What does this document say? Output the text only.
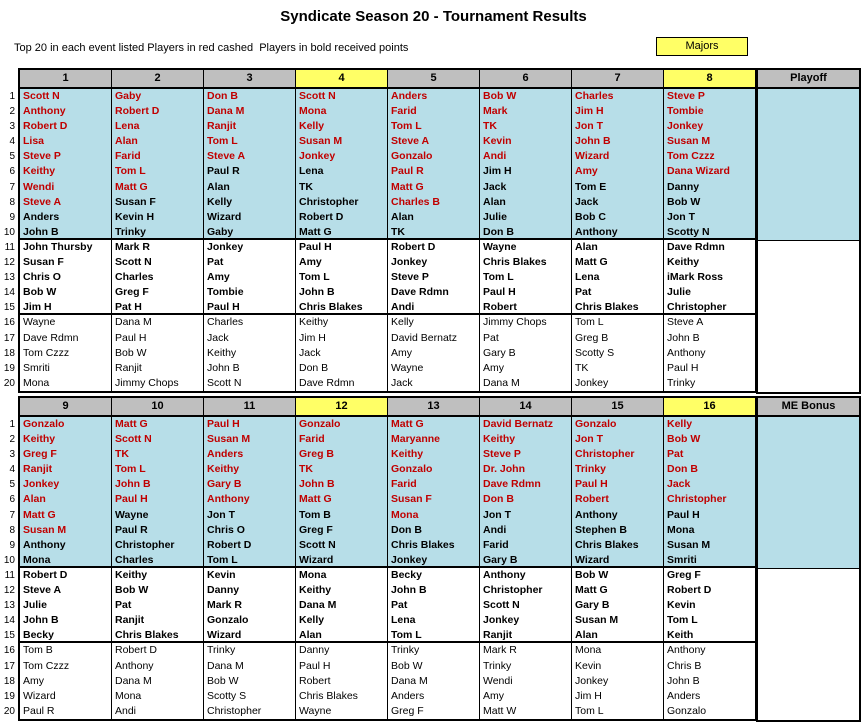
Syndicate Season 20 - Tournament Results
Top 20 in each event listed Players in red cashed  Players in bold received points	Majors
1
2
3
4
5
6
7
8
9
10
11
12
13
14
15
16
17
18
19
20
1
Scott N
Anthony
Robert D
Lisa
Steve P
Keithy
Wendi
Steve A
Anders
John B
John Thursby
Susan F
Chris O
Bob W
Jim H
Wayne
Dave Rdmn
Tom Czzz
Smriti
Mona
2
Gaby
Robert D
Lena
Alan
Farid
Tom L
Matt G
Susan F
Kevin H
Trinky
Mark R
Scott N
Charles
Greg F
Pat H
Dana M
Paul H
Bob W
Ranjit
Jimmy Chops
3
Don B
Dana M
Ranjit
Tom L
Steve A
Paul R
Alan
Kelly
Wizard
Gaby
Jonkey
Pat
Amy
Tombie
Paul H
Charles
Jack
Keithy
John B
Scott N
4
Scott N
Mona
Kelly
Susan M
Jonkey
Lena
TK
Christopher
Robert D
Matt G
Paul H
Amy
Tom L
John B
Chris Blakes
Keithy
Jim H
Jack
Don B
Dave Rdmn
5
Anders
Farid
Tom L
Steve A
Gonzalo
Paul R
Matt G
Charles B
Alan
TK
Robert D
Jonkey
Steve P
Dave Rdmn
Andi
Kelly
David Bernatz
Amy
Wayne
Jack
6
Bob W
Mark
TK
Kevin
Andi
Jim H
Jack
Alan
Julie
Don B
Wayne
Chris Blakes
Tom L
Paul H
Robert
Jimmy Chops
Pat
Gary B
Amy
Dana M
7
Charles
Jim H
Jon T
John B
Wizard
Amy
Tom E
Jack
Bob C
Anthony
Alan
Matt G
Lena
Pat
Chris Blakes
Tom L
Greg B
Scotty S
TK
Jonkey
8
Steve P
Tombie
Jonkey
Susan M
Tom Czzz
Dana Wizard
Danny
Bob W
Jon T
Scotty N
Dave Rdmn
Keithy
iMark Ross
Julie
Christopher
Steve A
John B
Anthony
Paul H
Trinky
Playoff
1
2
3
4
5
6
7
8
9
10
11
12
13
14
15
16
17
18
19
20
9
Gonzalo
Keithy
Greg F
Ranjit
Jonkey
Alan
Matt G
Susan M
Anthony
Mona
Robert D
Steve A
Julie
John B
Becky
Tom B
Tom Czzz
Amy
Wizard
Paul R
10
Matt G
Scott N
TK
Tom L
John B
Paul H
Wayne
Paul R
Christopher
Charles
Keithy
Bob W
Pat
Ranjit
Chris Blakes
Robert D
Anthony
Dana M
Mona
Andi
11
Paul H
Susan M
Anders
Keithy
Gary B
Anthony
Jon T
Chris O
Robert D
Tom L
Kevin
Danny
Mark R
Gonzalo
Wizard
Trinky
Dana M
Bob W
Scotty S
Christopher
12
Gonzalo
Farid
Greg B
TK
John B
Matt G
Tom B
Greg F
Scott N
Wizard
Mona
Keithy
Dana M
Kelly
Alan
Danny
Paul H
Robert
Chris Blakes
Wayne
13
Matt G
Maryanne
Keithy
Gonzalo
Farid
Susan F
Mona
Don B
Chris Blakes
Jonkey
Becky
John B
Pat
Lena
Tom L
Trinky
Bob W
Dana M
Anders
Greg F
14
David Bernatz
Keithy
Steve P
Dr. John
Dave Rdmn
Don B
Jon T
Andi
Farid
Gary B
Anthony
Christopher
Scott N
Jonkey
Ranjit
Mark R
Trinky
Wendi
Amy
Matt W
15
Gonzalo
Jon T
Christopher
Trinky
Paul H
Robert
Anthony
Stephen B
Chris Blakes
Wizard
Bob W
Matt G
Gary B
Susan M
Alan
Mona
Kevin
Jonkey
Jim H
Tom L
16
Kelly
Bob W
Pat
Don B
Jack
Christopher
Paul H
Mona
Susan M
Smriti
Greg F
Robert D
Kevin
Tom L
Keith
Anthony
Chris B
John B
Anders
Gonzalo
ME Bonus
